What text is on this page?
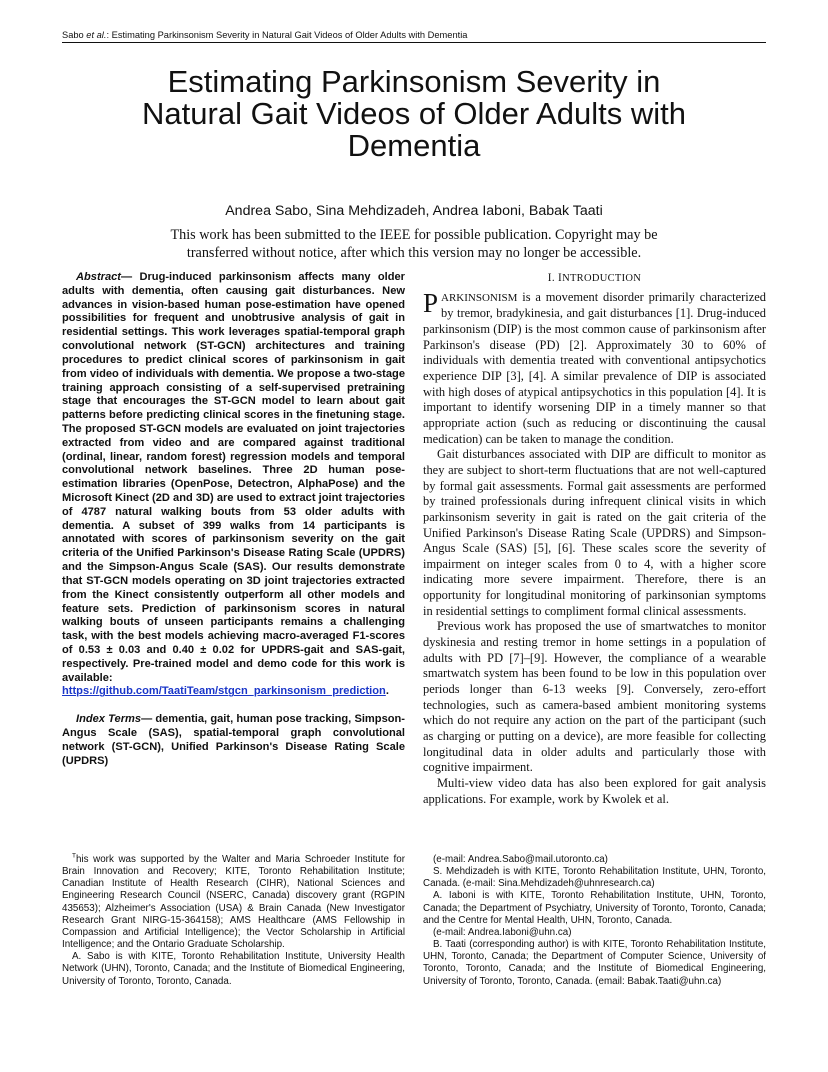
Sabo et al.: Estimating Parkinsonism Severity in Natural Gait Videos of Older Adults with Dementia
Estimating Parkinsonism Severity in
Natural Gait Videos of Older Adults with
Dementia
Andrea Sabo, Sina Mehdizadeh, Andrea Iaboni, Babak Taati
This work has been submitted to the IEEE for possible publication. Copyright may be
transferred without notice, after which this version may no longer be accessible.

Abstract— Drug-induced parkinsonism affects many older adults with dementia, often causing gait disturbances. New advances in vision-based human pose-estimation have opened possibilities for frequent and unobtrusive analysis of gait in residential settings. This work leverages spatial-temporal graph convolutional network (ST-GCN) architectures and training procedures to predict clinical scores of parkinsonism in gait from video of individuals with dementia. We propose a two-stage training approach consisting of a self-supervised pretraining stage that encourages the ST-GCN model to learn about gait patterns before predicting clinical scores in the finetuning stage. The proposed ST-GCN models are evaluated on joint trajectories extracted from video and are compared against traditional (ordinal, linear, random forest) regression models and temporal convolutional network baselines. Three 2D human pose-estimation libraries (OpenPose, Detectron, AlphaPose) and the Microsoft Kinect (2D and 3D) are used to extract joint trajectories of 4787 natural walking bouts from 53 older adults with dementia. A subset of 399 walks from 14 participants is annotated with scores of parkinsonism severity on the gait criteria of the Unified Parkinson's Disease Rating Scale (UPDRS) and the Simpson-Angus Scale (SAS). Our results demonstrate that ST-GCN models operating on 3D joint trajectories extracted from the Kinect consistently outperform all other models and feature sets. Prediction of parkinsonism scores in natural walking bouts of unseen participants remains a challenging task, with the best models achieving macro-averaged F1-scores of 0.53 ± 0.03 and 0.40 ± 0.02 for UPDRS-gait and SAS-gait, respectively. Pre-trained model and demo code for this work is available: https://github.com/TaatiTeam/stgcn_parkinsonism_prediction.

Index Terms— dementia, gait, human pose tracking, Simpson-Angus Scale (SAS), spatial-temporal graph convolutional network (ST-GCN), Unified Parkinson's Disease Rating Scale (UPDRS)

I. INTRODUCTION

PARKINSONISM is a movement disorder primarily characterized by tremor, bradykinesia, and gait disturbances [1]. Drug-induced parkinsonism (DIP) is the most common cause of parkinsonism after Parkinson's disease (PD) [2]. Approximately 30 to 60% of individuals with dementia treated with conventional antipsychotics experience DIP [3], [4]. A similar prevalence of DIP is associated with high doses of atypical antipsychotics in this population [4]. It is important to identify worsening DIP in a timely manner so that appropriate action (such as reducing or discontinuing the causal medication) can be taken to manage the condition.

Gait disturbances associated with DIP are difficult to monitor as they are subject to short-term fluctuations that are not well-captured by formal gait assessments. Formal gait assessments are performed by trained professionals during infrequent clinical visits in which parkinsonism severity in gait is rated on the gait criteria of the Unified Parkinson's Disease Rating Scale (UPDRS) and Simpson-Angus Scale (SAS) [5], [6]. These scales score the severity of impairment on integer scales from 0 to 4, with a higher score indicating more severe impairment. Therefore, there is an opportunity for longitudinal monitoring of parkinsonian symptoms in residential settings to compliment formal clinical assessments.

Previous work has proposed the use of smartwatches to monitor dyskinesia and resting tremor in home settings in a population of adults with PD [7]–[9]. However, the compliance of a wearable smartwatch system has been found to be low in this population over periods longer than 6-13 weeks [9]. Conversely, zero-effort technologies, such as camera-based ambient monitoring systems which do not require any action on the part of the participant (such as charging or putting on a device), are more feasible for collecting longitudinal data in older adults and particularly those with cognitive impairment.

Multi-view video data has also been explored for gait analysis applications. For example, work by Kwolek et al.

$^T$his work was supported by the Walter and Maria Schroeder Institute for Brain Innovation and Recovery; KITE, Toronto Rehabilitation Institute; Canadian Institute of Health Research (CIHR), National Sciences and Engineering Research Council (NSERC, Canada) discovery grant (RGPIN 435653); Alzheimer's Association (USA) & Brain Canada (New Investigator Research Grant NIRG-15-364158); AMS Healthcare (AMS Fellowship in Compassion and Artificial Intelligence); the Vector Scholarship in Artificial Intelligence; and the Ontario Graduate Scholarship.

A. Sabo is with KITE, Toronto Rehabilitation Institute, University Health Network (UHN), Toronto, Canada; and the Institute of Biomedical Engineering, University of Toronto, Toronto, Canada.

(e-mail: Andrea.Sabo@mail.utoronto.ca)

S. Mehdizadeh is with KITE, Toronto Rehabilitation Institute, UHN, Toronto, Canada. (e-mail: Sina.Mehdizadeh@uhnresearch.ca)

A. Iaboni is with KITE, Toronto Rehabilitation Institute, UHN, Toronto, Canada; the Department of Psychiatry, University of Toronto, Toronto, Canada; and the Centre for Mental Health, UHN, Toronto, Canada.

(e-mail: Andrea.Iaboni@uhn.ca)

B. Taati (corresponding author) is with KITE, Toronto Rehabilitation Institute, UHN, Toronto, Canada; the Department of Computer Science, University of Toronto, Toronto, Canada; and the Institute of Biomedical Engineering, University of Toronto, Toronto, Canada. (email: Babak.Taati@uhn.ca)
